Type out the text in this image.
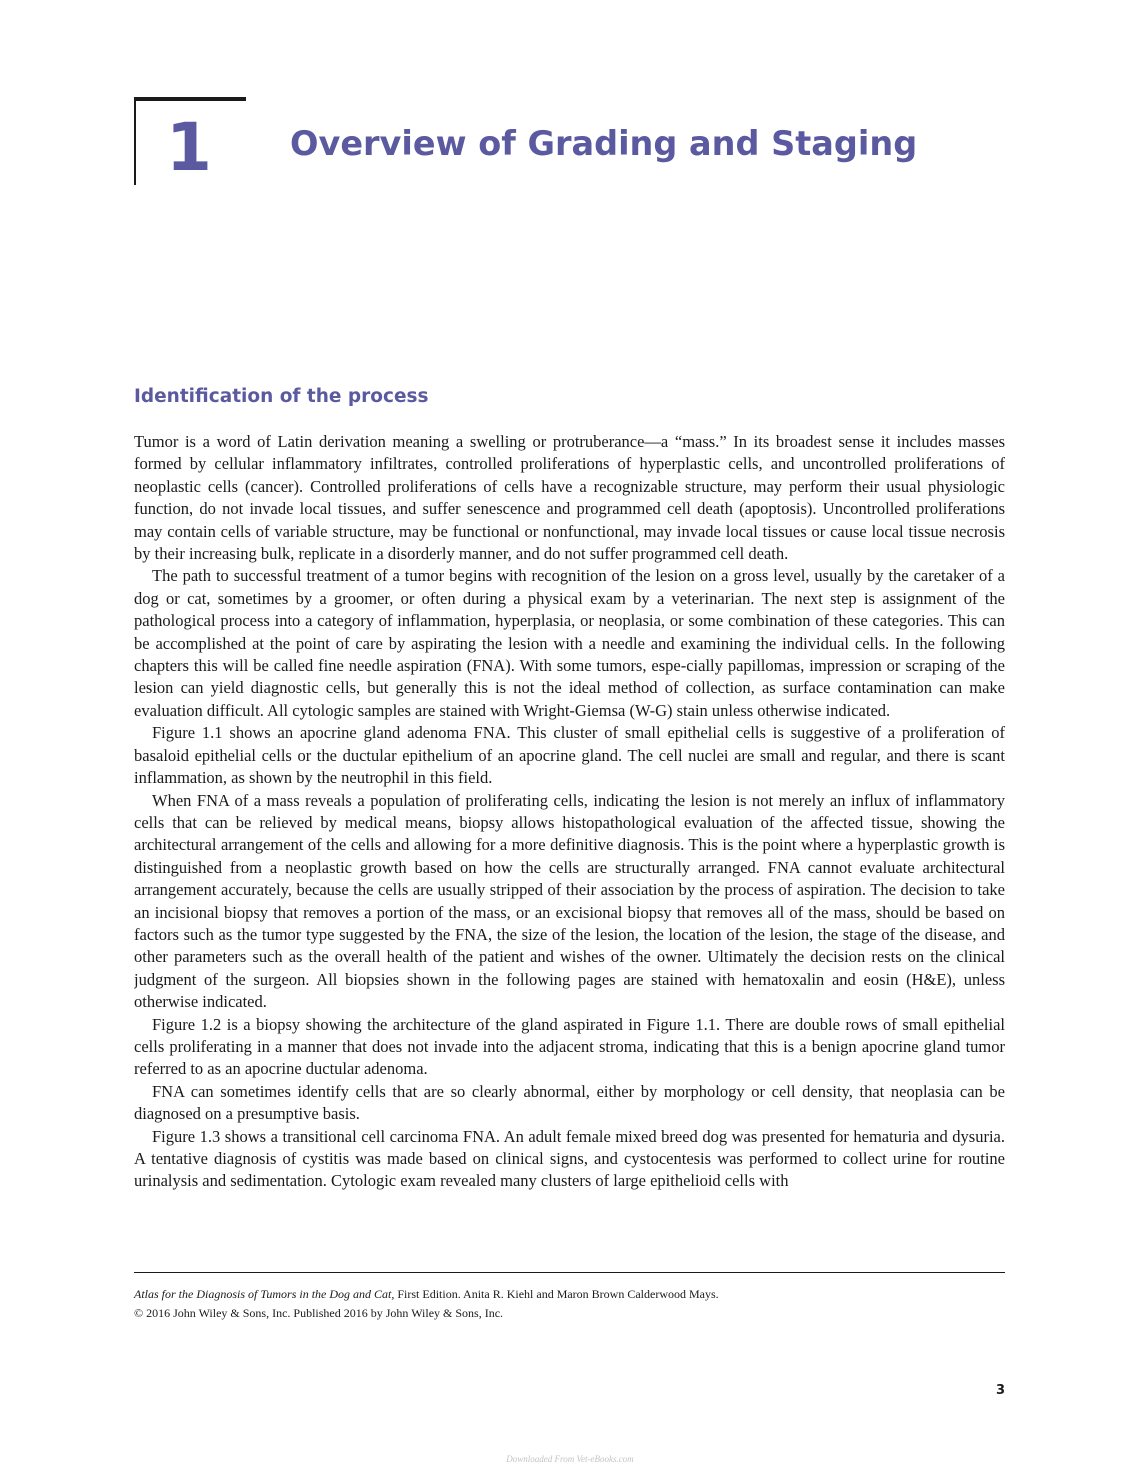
1 Overview of Grading and Staging
Identification of the process

Tumor is a word of Latin derivation meaning a swelling or protruberance—a “mass.” In its broadest sense it includes masses formed by cellular inflammatory infiltrates, controlled proliferations of hyperplastic cells, and uncontrolled proliferations of neoplastic cells (cancer). Controlled proliferations of cells have a recognizable structure, may perform their usual physiologic function, do not invade local tissues, and suffer senescence and programmed cell death (apoptosis). Uncontrolled proliferations may contain cells of variable structure, may be functional or nonfunctional, may invade local tissues or cause local tissue necrosis by their increasing bulk, replicate in a disorderly manner, and do not suffer programmed cell death.

The path to successful treatment of a tumor begins with recognition of the lesion on a gross level, usually by the caretaker of a dog or cat, sometimes by a groomer, or often during a physical exam by a veterinarian. The next step is assignment of the pathological process into a category of inflammation, hyperplasia, or neoplasia, or some combination of these categories. This can be accomplished at the point of care by aspirating the lesion with a needle and examining the individual cells. In the following chapters this will be called fine needle aspiration (FNA). With some tumors, espe-cially papillomas, impression or scraping of the lesion can yield diagnostic cells, but generally this is not the ideal method of collection, as surface contamination can make evaluation difficult. All cytologic samples are stained with Wright-Giemsa (W-G) stain unless otherwise indicated.

Figure 1.1 shows an apocrine gland adenoma FNA. This cluster of small epithelial cells is suggestive of a proliferation of basaloid epithelial cells or the ductular epithelium of an apocrine gland. The cell nuclei are small and regular, and there is scant inflammation, as shown by the neutrophil in this field.

When FNA of a mass reveals a population of proliferating cells, indicating the lesion is not merely an influx of inflammatory cells that can be relieved by medical means, biopsy allows histopathological evaluation of the affected tissue, showing the architectural arrangement of the cells and allowing for a more definitive diagnosis. This is the point where a hyperplastic growth is distinguished from a neoplastic growth based on how the cells are structurally arranged. FNA cannot evaluate architectural arrangement accurately, because the cells are usually stripped of their association by the process of aspiration. The decision to take an incisional biopsy that removes a portion of the mass, or an excisional biopsy that removes all of the mass, should be based on factors such as the tumor type suggested by the FNA, the size of the lesion, the location of the lesion, the stage of the disease, and other parameters such as the overall health of the patient and wishes of the owner. Ultimately the decision rests on the clinical judgment of the surgeon. All biopsies shown in the following pages are stained with hematoxalin and eosin (H&E), unless otherwise indicated.

Figure 1.2 is a biopsy showing the architecture of the gland aspirated in Figure 1.1. There are double rows of small epithelial cells proliferating in a manner that does not invade into the adjacent stroma, indicating that this is a benign apocrine gland tumor referred to as an apocrine ductular adenoma.

FNA can sometimes identify cells that are so clearly abnormal, either by morphology or cell density, that neoplasia can be diagnosed on a presumptive basis.

Figure 1.3 shows a transitional cell carcinoma FNA. An adult female mixed breed dog was presented for hematuria and dysuria. A tentative diagnosis of cystitis was made based on clinical signs, and cystocentesis was performed to collect urine for routine urinalysis and sedimentation. Cytologic exam revealed many clusters of large epithelioid cells with

Atlas for the Diagnosis of Tumors in the Dog and Cat, First Edition. Anita R. Kiehl and Maron Brown Calderwood Mays.
© 2016 John Wiley & Sons, Inc. Published 2016 by John Wiley & Sons, Inc.
3
Downloaded From Vet-eBooks.com
